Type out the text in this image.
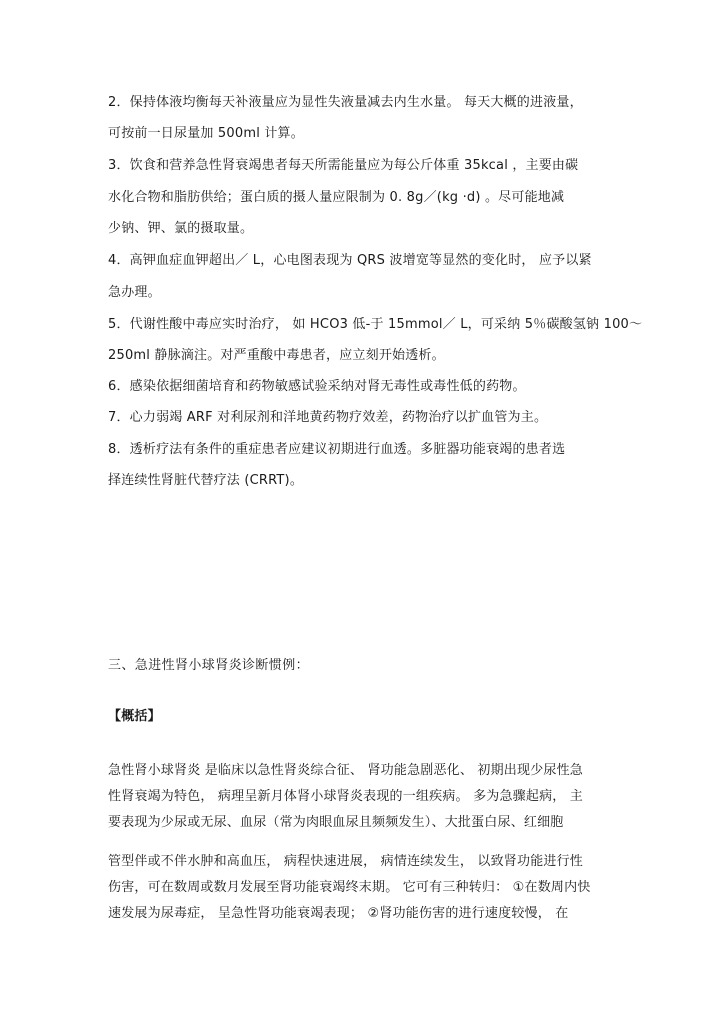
2．保持体液均衡每天补液量应为显性失液量减去内生水量。 每天大概的进液量，
可按前一日尿量加 500ml 计算。
3．饮食和营养急性肾衰竭患者每天所需能量应为每公斤体重 35kcal ，主要由碳
水化合物和脂肪供给；蛋白质的摄人量应限制为 0. 8g／(kg ·d) 。尽可能地减
少钠、钾、氯的摄取量。
4．高钾血症血钾超出／ L，心电图表现为 QRS 波增宽等显然的变化时， 应予以紧
急办理。
5．代谢性酸中毒应实时治疗， 如 HCO3 低-于 15mmol／ L，可采纳 5％碳酸氢钠 100～
250ml 静脉滴注。对严重酸中毒患者，应立刻开始透析。
6．感染依据细菌培育和药物敏感试验采纳对肾无毒性或毒性低的药物。
7．心力弱竭 ARF 对利尿剂和洋地黄药物疗效差，药物治疗以扩血管为主。
8．透析疗法有条件的重症患者应建议初期进行血透。多脏器功能衰竭的患者选
择连续性肾脏代替疗法 (CRRT)。
三、急进性肾小球肾炎诊断惯例：
【概括】
急性肾小球肾炎 是临床以急性肾炎综合征、 肾功能急剧恶化、 初期出现少尿性急
性肾衰竭为特色， 病理呈新月体肾小球肾炎表现的一组疾病。 多为急骤起病， 主
要表现为少尿或无尿、血尿（常为肉眼血尿且频频发生）、大批蛋白尿、红细胞
管型伴或不伴水肿和高血压， 病程快速进展， 病情连续发生， 以致肾功能进行性
伤害，可在数周或数月发展至肾功能衰竭终末期。 它可有三种转归： ①在数周内快
速发展为尿毒症， 呈急性肾功能衰竭表现； ②肾功能伤害的进行速度较慢， 在
